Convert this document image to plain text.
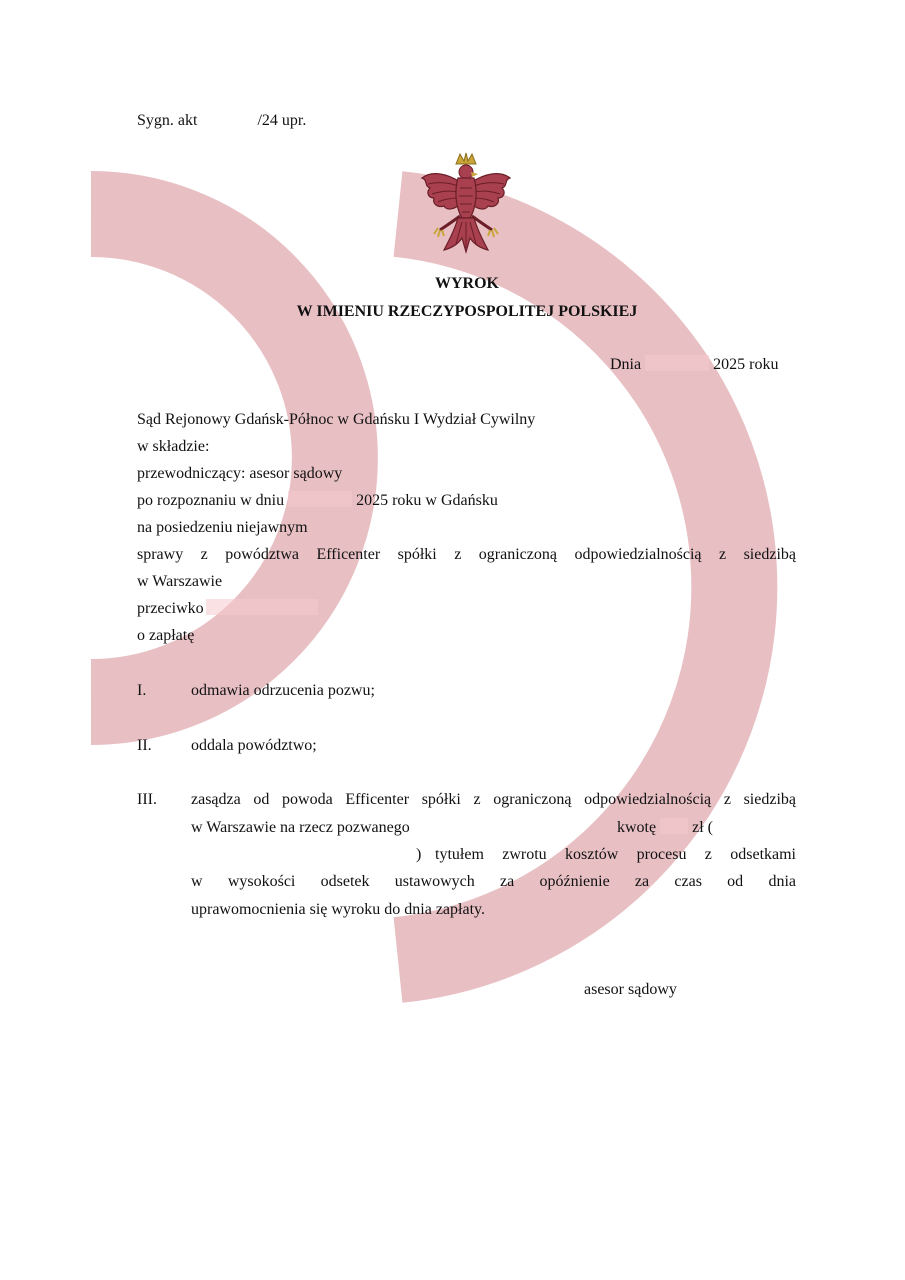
Sygn. akt	/24 upr.
WYROK
W IMIENIU RZECZYPOSPOLITEJ POLSKIEJ
Dnia	2025 roku
Sąd Rejonowy Gdańsk-Północ w Gdańsku I Wydział Cywilny
w składzie:
przewodniczący: asesor sądowy
po rozpoznaniu w dniu	2025 roku w Gdańsku
na posiedzeniu niejawnym
sprawy z powództwa Efficenter spółki z ograniczoną odpowiedzialnością z siedzibą
w Warszawie
przeciwko
o zapłatę
I.	odmawia odrzucenia pozwu;
II. oddala powództwo;
III. zasądza od powoda Efficenter spółki z ograniczoną odpowiedzialnością z siedzibą
w Warszawie na rzecz pozwanego	kwotę zł (
) tytułem zwrotu kosztów procesu z odsetkami
w wysokości odsetek ustawowych za opóźnienie za czas od dnia
uprawomocnienia się wyroku do dnia zapłaty.
asesor sądowy
